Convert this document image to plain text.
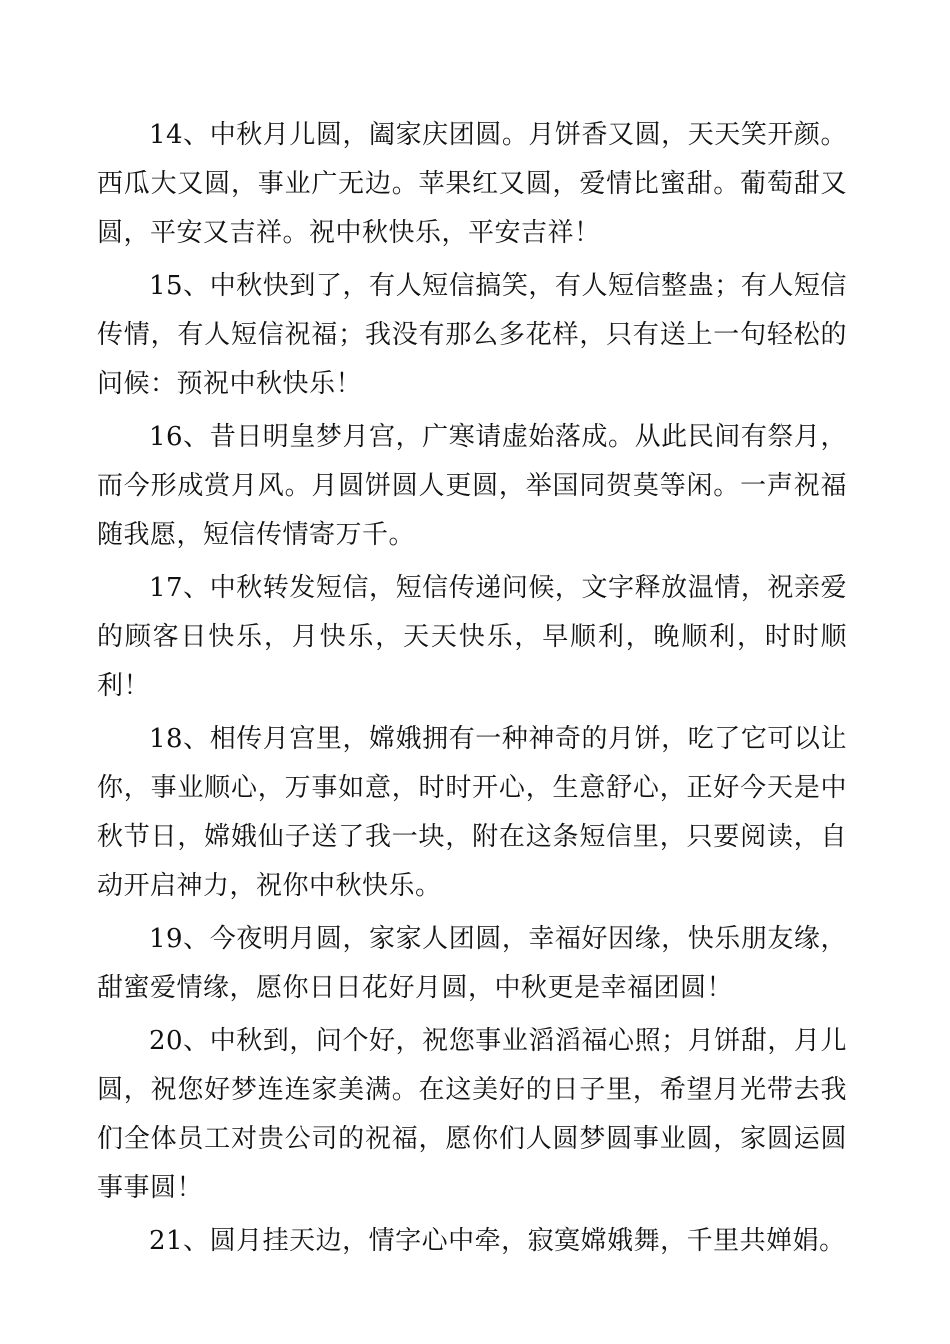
14、中秋月儿圆，阖家庆团圆。月饼香又圆，天天笑开颜。西瓜大又圆，事业广无边。苹果红又圆，爱情比蜜甜。葡萄甜又圆，平安又吉祥。祝中秋快乐，平安吉祥！

15、中秋快到了，有人短信搞笑，有人短信整蛊；有人短信传情，有人短信祝福；我没有那么多花样，只有送上一句轻松的问候：预祝中秋快乐！

16、昔日明皇梦月宫，广寒请虚始落成。从此民间有祭月，而今形成赏月风。月圆饼圆人更圆，举国同贺莫等闲。一声祝福随我愿，短信传情寄万千。

17、中秋转发短信，短信传递问候，文字释放温情，祝亲爱的顾客日快乐，月快乐，天天快乐，早顺利，晚顺利，时时顺利！

18、相传月宫里，嫦娥拥有一种神奇的月饼，吃了它可以让你，事业顺心，万事如意，时时开心，生意舒心，正好今天是中秋节日，嫦娥仙子送了我一块，附在这条短信里，只要阅读，自动开启神力，祝你中秋快乐。

19、今夜明月圆，家家人团圆，幸福好因缘，快乐朋友缘，甜蜜爱情缘，愿你日日花好月圆，中秋更是幸福团圆！

20、中秋到，问个好，祝您事业滔滔福心照；月饼甜，月儿圆，祝您好梦连连家美满。在这美好的日子里，希望月光带去我们全体员工对贵公司的祝福，愿你们人圆梦圆事业圆，家圆运圆事事圆！

21、圆月挂天边，情字心中牵，寂寞嫦娥舞，千里共婵娟。
